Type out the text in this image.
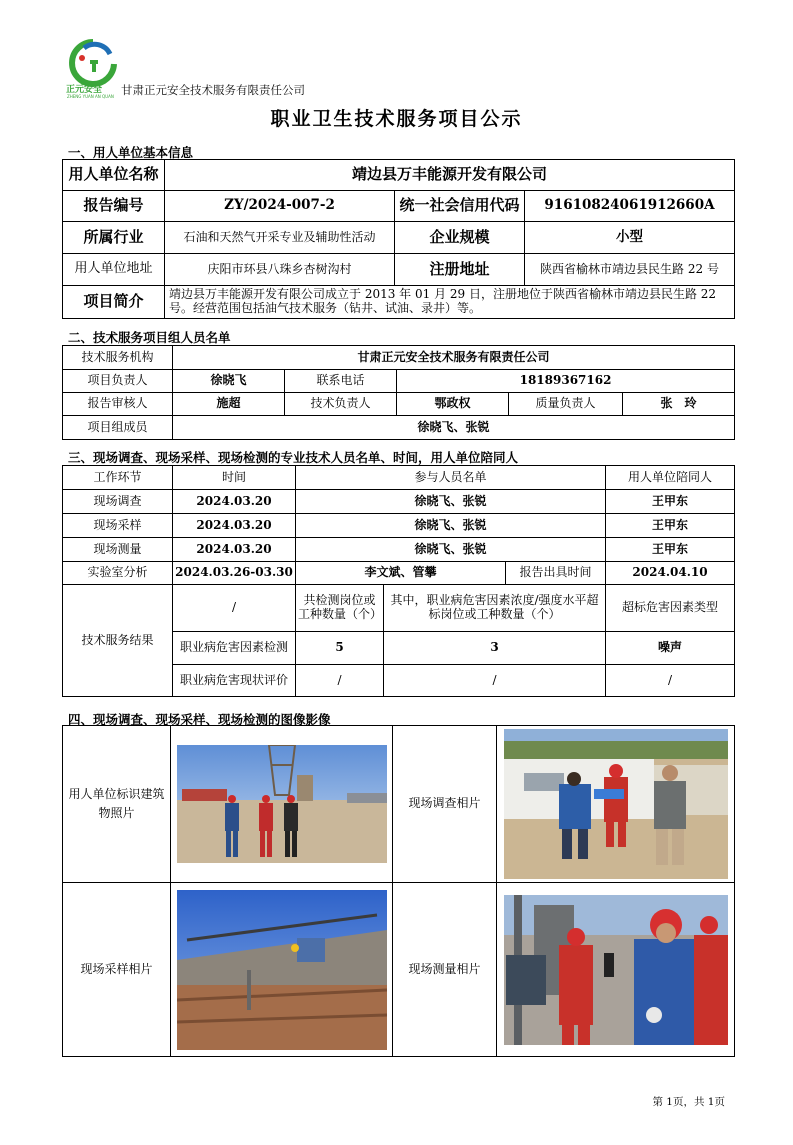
正元安全
ZHENG YUAN AN QUAN 甘肃正元安全技术服务有限责任公司
职业卫生技术服务项目公示
一、用人单位基本信息
用人单位名称	靖边县万丰能源开发有限公司		
报告编号	ZY/2024-007-2	统一社会信用代码	91610824061912660A
所属行业	石油和天然气开采专业及辅助性活动	企业规模	小型
用人单位地址	庆阳市环县八珠乡杏树沟村	注册地址	陕西省榆林市靖边县民生路 22 号
项目简介	靖边县万丰能源开发有限公司成立于 2013 年 01 月 29 日，注册地位于陕西省榆林市靖边县民生路 22 号。经营范围包括油气技术服务（钻井、试油、录井）等。		
二、技术服务项目组人员名单
技术服务机构	甘肃正元安全技术服务有限责任公司				
项目负责人	徐晓飞	联系电话	18189367162		
报告审核人	施超	技术负责人	鄂政权	质量负责人	张　玲
项目组成员	徐晓飞、张锐				
三、现场调查、现场采样、现场检测的专业技术人员名单、时间，用人单位陪同人
工作环节	时间	参与人员名单			用人单位陪同人
现场调查	2024.03.20	徐晓飞、张锐			王甲东
现场采样	2024.03.20	徐晓飞、张锐			王甲东
现场测量	2024.03.20	徐晓飞、张锐			王甲东
实验室分析	2024.03.26-03.30	李文斌、管攀		报告出具时间	2024.04.10
技术服务结果	/	共检测岗位或工种数量（个）	其中，职业病危害因素浓度/强度水平超标岗位或工种数量（个）		超标危害因素类型
	职业病危害因素检测	5	3		噪声
	职业病危害现状评价	/	/		/
四、现场调查、现场采样、现场检测的图像影像
用人单位标识建筑物照片		现场调查相片	

现场采样相片		现场测量相片	
第 1页，共 1页
